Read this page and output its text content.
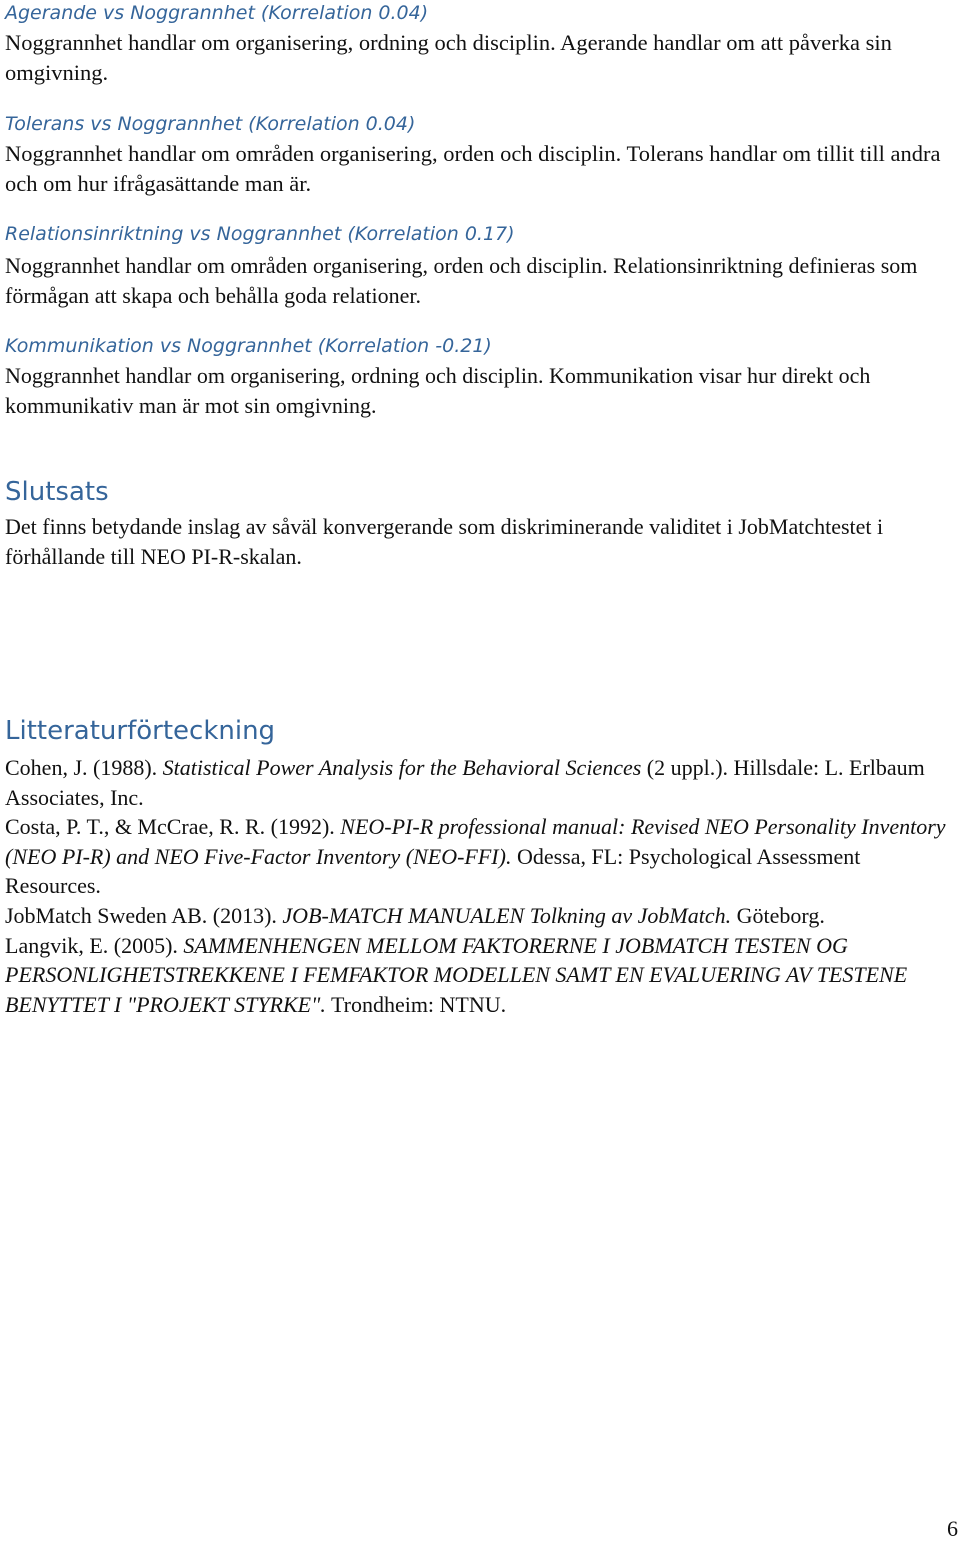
Agerande vs Noggrannhet (Korrelation 0.04)
Noggrannhet handlar om organisering, ordning och disciplin. Agerande handlar om att påverka sin omgivning.
Tolerans vs Noggrannhet (Korrelation 0.04)
Noggrannhet handlar om områden organisering, orden och disciplin. Tolerans handlar om tillit till andra och om hur ifrågasättande man är.
Relationsinriktning vs Noggrannhet (Korrelation 0.17)
Noggrannhet handlar om områden organisering, orden och disciplin. Relationsinriktning definieras som förmågan att skapa och behålla goda relationer.
Kommunikation vs Noggrannhet (Korrelation -0.21)
Noggrannhet handlar om organisering, ordning och disciplin. Kommunikation visar hur direkt och kommunikativ man är mot sin omgivning.
Slutsats
Det finns betydande inslag av såväl konvergerande som diskriminerande validitet i JobMatchtestet i förhållande till NEO PI-R-skalan.
Litteraturförteckning

Cohen, J. (1988). Statistical Power Analysis for the Behavioral Sciences (2 uppl.). Hillsdale: L. Erlbaum Associates, Inc.

Costa, P. T., & McCrae, R. R. (1992). NEO-PI-R professional manual: Revised NEO Personality Inventory (NEO PI-R) and NEO Five-Factor Inventory (NEO-FFI). Odessa, FL: Psychological Assessment Resources.

JobMatch Sweden AB. (2013). JOB-MATCH MANUALEN Tolkning av JobMatch. Göteborg.

Langvik, E. (2005). SAMMENHENGEN MELLOM FAKTORERNE I JOBMATCH TESTEN OG PERSONLIGHETSTREKKENE I FEMFAKTOR MODELLEN SAMT EN EVALUERING AV TESTENE BENYTTET I "PROJEKT STYRKE". Trondheim: NTNU.

6
